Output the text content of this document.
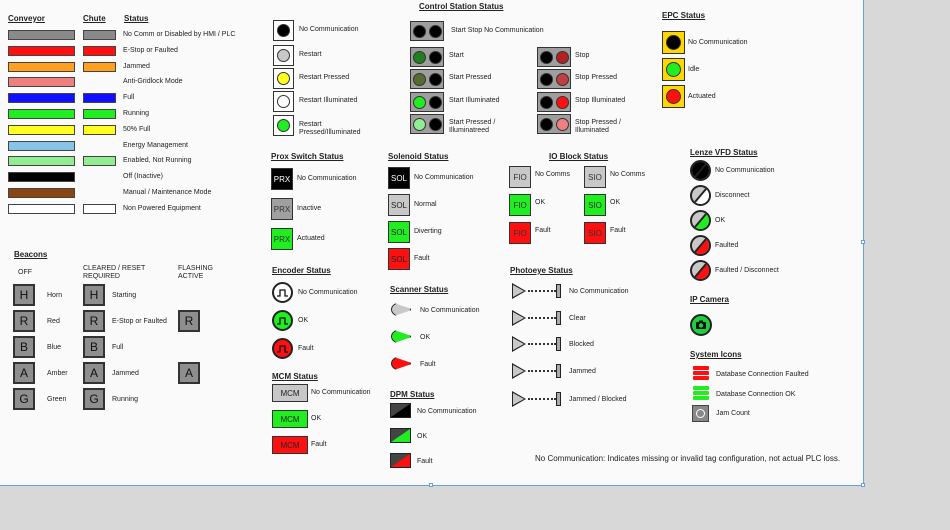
Conveyor	Chute Status
No Comm or Disabled by HMI / PLC
E-Stop or Faulted
Jammed
Anti-Gridlock Mode
Full
Running
50% Full
Energy Management
Enabled, Not Running
Off (Inactive)
Manual / Maintenance Mode
Non Powered Equipment
Control Station Status
No Communication
Restart
Restart Pressed
Restart Illuminated
Restart Pressed/Illuminated
Start Stop No Communication
Start
Start Pressed
Start Illuminated
Start Pressed / Illuminatreed
Stop
Stop Pressed
Stop Illuminated
Stop Pressed / Illuminated
EPC Status
No Communication
Idle
Actuated
Prox Switch Status
PRX No Communication
PRX Inactive
PRX Actuated
Solenoid Status
SOL	No Communication
SOL	Normal
SOL	Diverting
SOL	Fault
IO Block Status
FIO	No Comms	SIO	No Comms
FIO	OK	SIO	OK
FIO	Fault	SIO	Fault
Lenze VFD Status
No Communication
Disconnect
OK
Faulted
Faulted / Disconnect
Encoder Status
No Communication
OK
Fault
Scanner Status
No Communication
OK
Fault
Photoeye Status
No Communication
Clear
Blocked
Jammed
Jammed / Blocked
IP Camera
MCM Status
MCM	No Communication
MCM	OK
MCM	Fault
DPM Status
No Communication
OK
Fault
System Icons
Database Connection Faulted
Database Connection OK
Jam Count
Beacons
OFF
CLEARED / RESET
REQUIRED
FLASHING
ACTIVE
H	Horn	H	Starting
R	Red	R	E-Stop or Faulted	R
B	Blue	B	Full
A	Amber	A	Jammed	A
G	Green	G	Running
No Communication: Indicates missing or invalid tag configuration, not actual PLC loss.
